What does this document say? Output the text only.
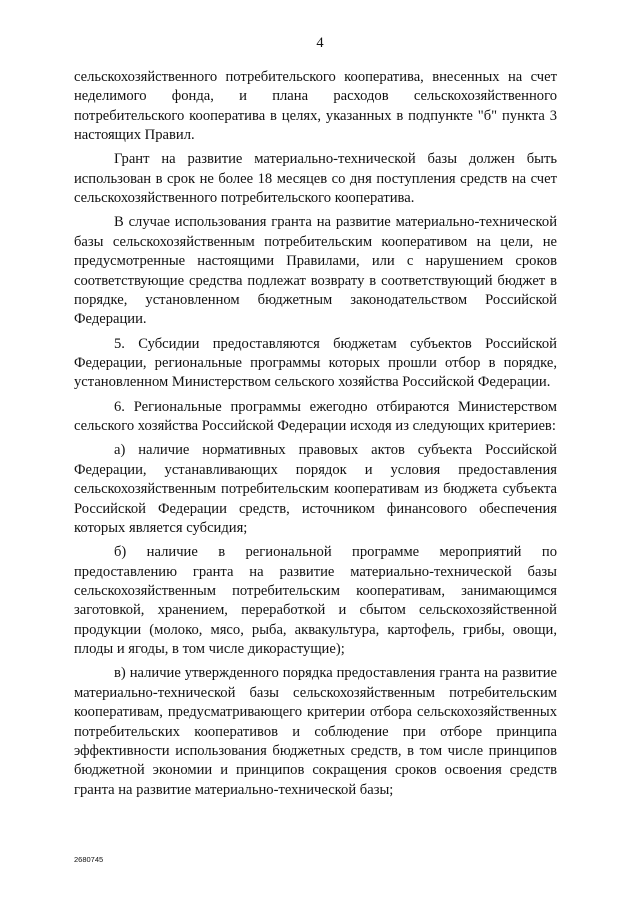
4

сельскохозяйственного потребительского кооператива, внесенных на счет неделимого фонда, и плана расходов сельскохозяйственного потребительского кооператива в целях, указанных в подпункте "б" пункта 3 настоящих Правил.

Грант на развитие материально-технической базы должен быть использован в срок не более 18 месяцев со дня поступления средств на счет сельскохозяйственного потребительского кооператива.

В случае использования гранта на развитие материально-технической базы сельскохозяйственным потребительским кооперативом на цели, не предусмотренные настоящими Правилами, или с нарушением сроков соответствующие средства подлежат возврату в соответствующий бюджет в порядке, установленном бюджетным законодательством Российской Федерации.

5. Субсидии предоставляются бюджетам субъектов Российской Федерации, региональные программы которых прошли отбор в порядке, установленном Министерством сельского хозяйства Российской Федерации.

6. Региональные программы ежегодно отбираются Министерством сельского хозяйства Российской Федерации исходя из следующих критериев:

а) наличие нормативных правовых актов субъекта Российской Федерации, устанавливающих порядок и условия предоставления сельскохозяйственным потребительским кооперативам из бюджета субъекта Российской Федерации средств, источником финансового обеспечения которых является субсидия;

б) наличие в региональной программе мероприятий по предоставлению гранта на развитие материально-технической базы сельскохозяйственным потребительским кооперативам, занимающимся заготовкой, хранением, переработкой и сбытом сельскохозяйственной продукции (молоко, мясо, рыба, аквакультура, картофель, грибы, овощи, плоды и ягоды, в том числе дикорастущие);

в) наличие утвержденного порядка предоставления гранта на развитие материально-технической базы сельскохозяйственным потребительским кооперативам, предусматривающего критерии отбора сельскохозяйственных потребительских кооперативов и соблюдение при отборе принципа эффективности использования бюджетных средств, в том числе принципов бюджетной экономии и принципов сокращения сроков освоения средств гранта на развитие материально-технической базы;

2680745
